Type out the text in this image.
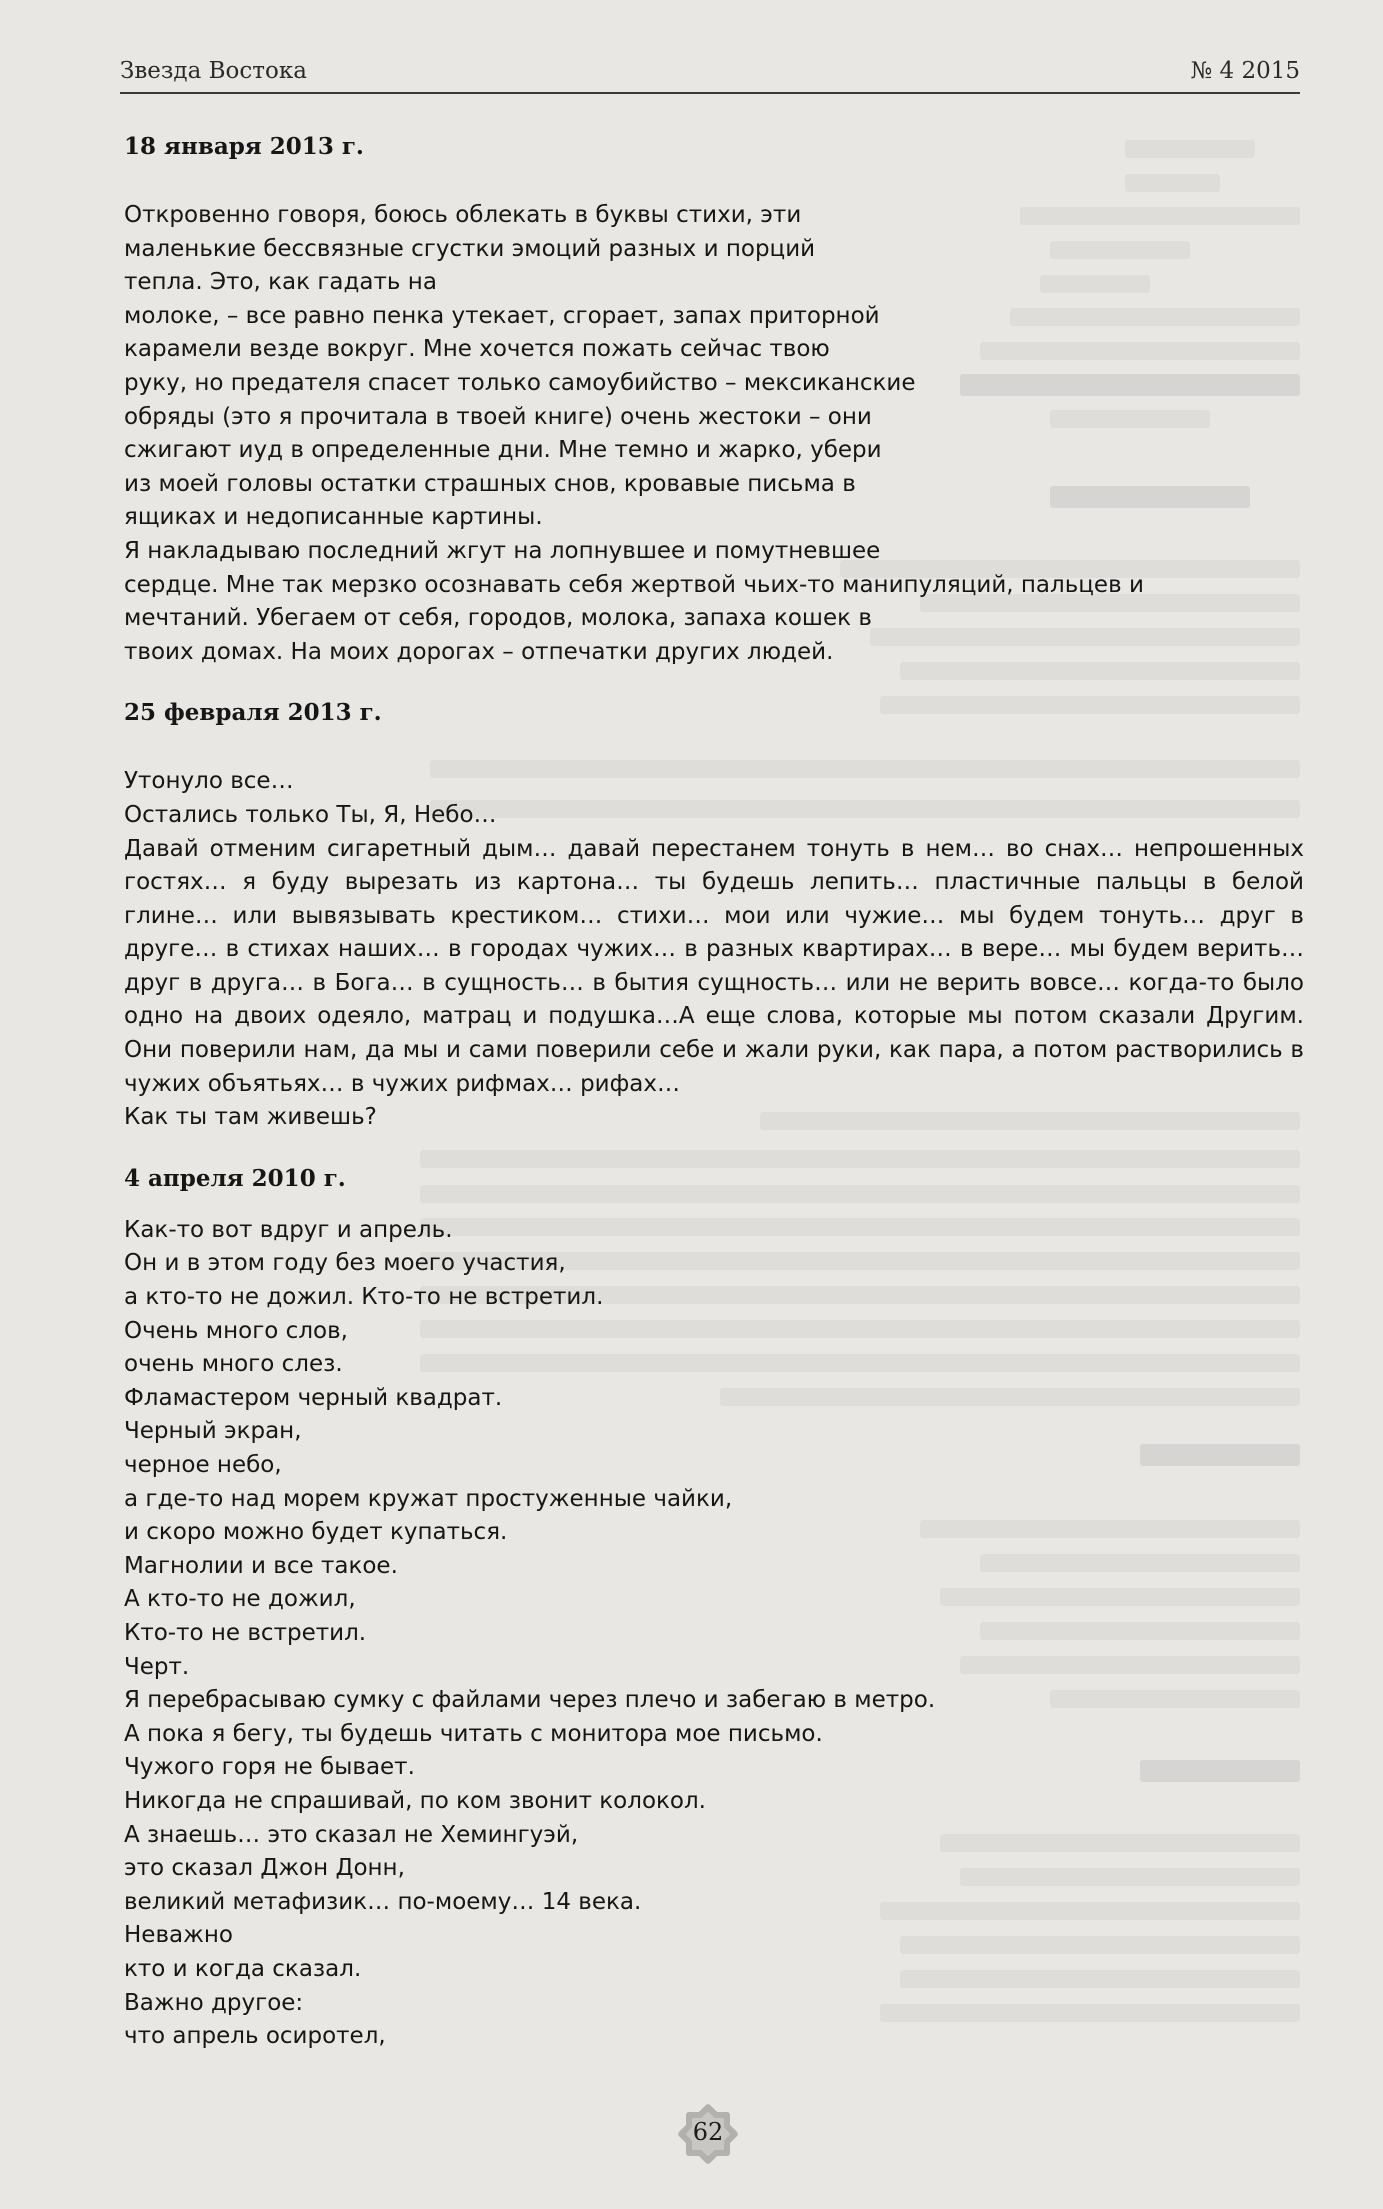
Звезда Востока	№ 4 2015

18 января 2013 г.

Откровенно говоря, боюсь облекать в буквы стихи, эти
маленькие бессвязные сгустки эмоций разных и порций
тепла. Это, как гадать на
молоке, – все равно пенка утекает, сгорает, запах приторной
карамели везде вокруг. Мне хочется пожать сейчас твою
руку, но предателя спасет только самоубийство – мексиканские
обряды (это я прочитала в твоей книге) очень жестоки – они
сжигают иуд в определенные дни. Мне темно и жарко, убери
из моей головы остатки страшных снов, кровавые письма в
ящиках и недописанные картины.

Я накладываю последний жгут на лопнувшее и помутневшее
сердце. Мне так мерзко осознавать себя жертвой чьих-то манипуляций, пальцев и
мечтаний. Убегаем от себя, городов, молока, запаха кошек в
твоих домах. На моих дорогах – отпечатки других людей.

25 февраля 2013 г.

Утонуло все…

Остались только Ты, Я, Небо…

Давай отменим сигаретный дым… давай перестанем тонуть в нем… во снах… непрошенных гостях… я буду вырезать из картона… ты будешь лепить… пластичные пальцы в белой глине… или вывязывать крестиком… стихи… мои или чужие… мы будем тонуть… друг в друге… в стихах наших… в городах чужих… в разных квартирах… в вере… мы будем верить… друг в друга… в Бога… в сущность… в бытия сущность… или не верить вовсе… когда-то было одно на двоих одеяло, матрац и подушка…А еще слова, которые мы потом сказали Другим. Они поверили нам, да мы и сами поверили себе и жали руки, как пара, а потом растворились в чужих объятьях… в чужих рифмах… рифах…

Как ты там живешь?

4 апреля 2010 г.

Как-то вот вдруг и апрель.

Он и в этом году без моего участия,

а кто-то не дожил. Кто-то не встретил.

Очень много слов,

очень много слез.

Фламастером черный квадрат.

Черный экран,

черное небо,

а где-то над морем кружат простуженные чайки,

и скоро можно будет купаться.

Магнолии и все такое.

А кто-то не дожил,

Кто-то не встретил.

Черт.

Я перебрасываю сумку с файлами через плечо и забегаю в метро.

А пока я бегу, ты будешь читать с монитора мое письмо.

Чужого горя не бывает.

Никогда не спрашивай, по ком звонит колокол.

А знаешь… это сказал не Хемингуэй,

это сказал Джон Донн,

великий метафизик… по-моему… 14 века.

Неважно

кто и когда сказал.

Важно другое:

что апрель осиротел,

62
